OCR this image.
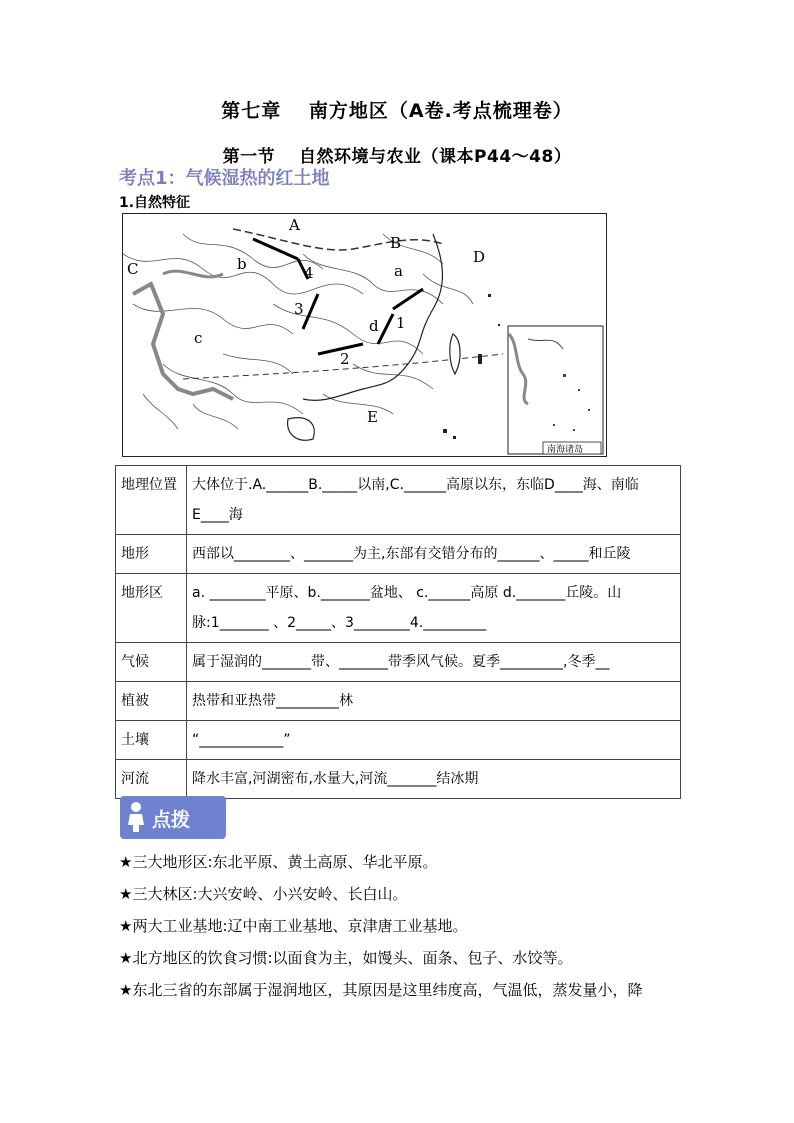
第七章　 南方地区（A卷.考点梳理卷）
第一节　 自然环境与农业（课本P44～48）
考点1：气候湿热的红土地
1.自然特征
A
B
C
D
E
a
b
c
d 1
2
3
4
南海诸岛
地理位置	大体位于.A.______B._____以南,C.______高原以东，东临D____海、南临E____海
地形	西部以________、_______为主,东部有交错分布的______、_____和丘陵
地形区	a. ________平原、b._______盆地、 c.______高原 d._______丘陵。山脉:1_______ 、2_____、3________4._________
气候	属于湿润的_______带、_______带季风气候。夏季_________,冬季__
植被	热带和亚热带_________林
土壤	“____________”
河流	降水丰富,河湖密布,水量大,河流_______结冰期
点拨
★三大地形区:东北平原、黄土高原、华北平原。
★三大林区:大兴安岭、小兴安岭、长白山。
★两大工业基地:辽中南工业基地、京津唐工业基地。
★北方地区的饮食习惯:以面食为主，如馒头、面条、包子、水饺等。
★东北三省的东部属于湿润地区，其原因是这里纬度高，气温低，蒸发量小，降
